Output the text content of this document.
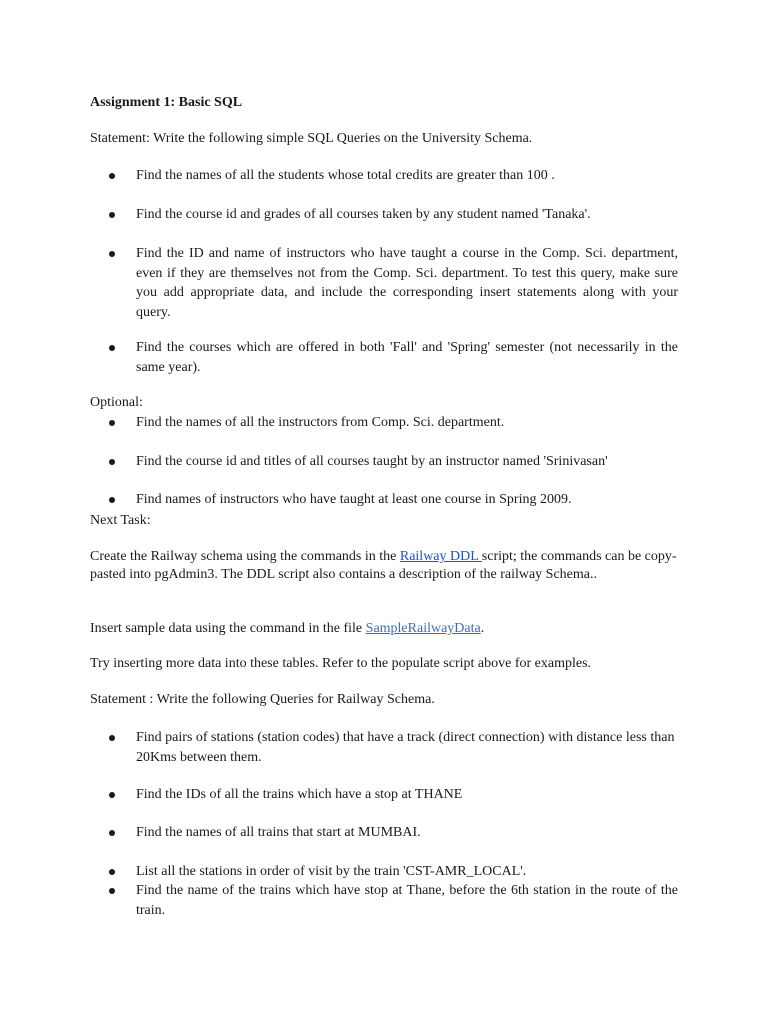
Assignment 1: Basic SQL
Statement: Write the following simple SQL Queries on the University Schema.
Find the names of all the students whose total credits are greater than 100 .
Find the course id and grades of all courses taken by any student named 'Tanaka'.
Find the ID and name of instructors who have taught a course in the Comp. Sci. department, even if they are themselves not from the Comp. Sci. department. To test this query, make sure you add appropriate data, and include the corresponding insert statements along with your query.
Find the courses which are offered in both 'Fall' and 'Spring' semester (not necessarily in the same year).
Optional:
Find the names of all the instructors from Comp. Sci. department.
Find the course id and titles of all courses taught by an instructor named 'Srinivasan'
Find names of instructors who have taught at least one course in Spring 2009.
Next Task:
Create the Railway schema using the commands in the Railway DDL script; the commands can be copy-pasted into pgAdmin3. The DDL script also contains a description of the railway Schema..
Insert sample data using the command in the file SampleRailwayData.
Try inserting more data into these tables. Refer to the populate script above for examples.
Statement : Write the following Queries for Railway Schema.
Find pairs of stations (station codes) that have a track (direct connection) with distance less than 20Kms between them.
Find the IDs of all the trains which have a stop at THANE
Find the names of all trains that start at MUMBAI.
List all the stations in order of visit by the train 'CST-AMR_LOCAL'.
Find the name of the trains which have stop at Thane, before the 6th station in the route of the train.
